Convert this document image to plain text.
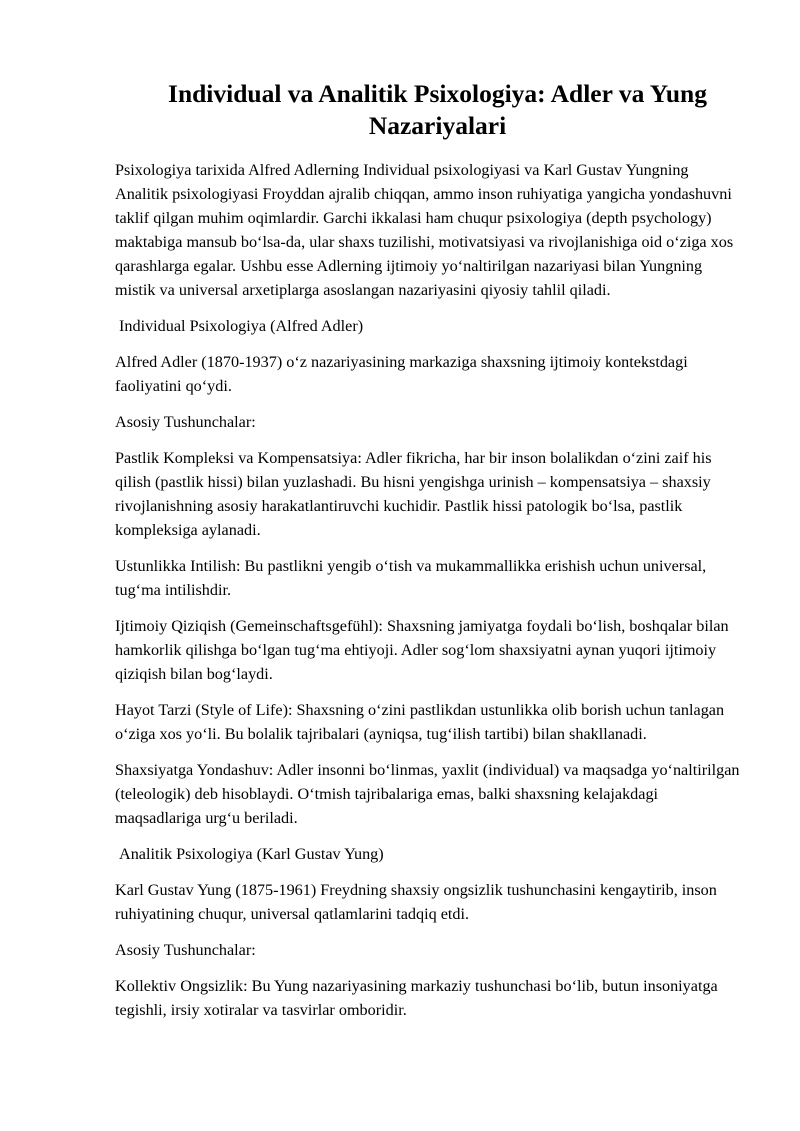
Individual va Analitik Psixologiya: Adler va Yung Nazariyalari

Psixologiya tarixida Alfred Adlerning Individual psixologiyasi va Karl Gustav Yungning Analitik psixologiyasi Froyddan ajralib chiqqan, ammo inson ruhiyatiga yangicha yondashuvni taklif qilgan muhim oqimlardir. Garchi ikkalasi ham chuqur psixologiya (depth psychology) maktabiga mansub bo‘lsa-da, ular shaxs tuzilishi, motivatsiyasi va rivojlanishiga oid o‘ziga xos qarashlarga egalar. Ushbu esse Adlerning ijtimoiy yo‘naltirilgan nazariyasi bilan Yungning mistik va universal arxetiplarga asoslangan nazariyasini qiyosiy tahlil qiladi.

Individual Psixologiya (Alfred Adler)

Alfred Adler (1870-1937) o‘z nazariyasining markaziga shaxsning ijtimoiy kontekstdagi faoliyatini qo‘ydi.

Asosiy Tushunchalar:

Pastlik Kompleksi va Kompensatsiya: Adler fikricha, har bir inson bolalikdan o‘zini zaif his qilish (pastlik hissi) bilan yuzlashadi. Bu hisni yengishga urinish – kompensatsiya – shaxsiy rivojlanishning asosiy harakatlantiruvchi kuchidir. Pastlik hissi patologik bo‘lsa, pastlik kompleksiga aylanadi.

Ustunlikka Intilish: Bu pastlikni yengib o‘tish va mukammallikka erishish uchun universal, tug‘ma intilishdir.

Ijtimoiy Qiziqish (Gemeinschaftsgefühl): Shaxsning jamiyatga foydali bo‘lish, boshqalar bilan hamkorlik qilishga bo‘lgan tug‘ma ehtiyoji. Adler sog‘lom shaxsiyatni aynan yuqori ijtimoiy qiziqish bilan bog‘laydi.

Hayot Tarzi (Style of Life): Shaxsning o‘zini pastlikdan ustunlikka olib borish uchun tanlagan o‘ziga xos yo‘li. Bu bolalik tajribalari (ayniqsa, tug‘ilish tartibi) bilan shakllanadi.

Shaxsiyatga Yondashuv: Adler insonni bo‘linmas, yaxlit (individual) va maqsadga yo‘naltirilgan (teleologik) deb hisoblaydi. O‘tmish tajribalariga emas, balki shaxsning kelajakdagi maqsadlariga urg‘u beriladi.

Analitik Psixologiya (Karl Gustav Yung)

Karl Gustav Yung (1875-1961) Freydning shaxsiy ongsizlik tushunchasini kengaytirib, inson ruhiyatining chuqur, universal qatlamlarini tadqiq etdi.

Asosiy Tushunchalar:

Kollektiv Ongsizlik: Bu Yung nazariyasining markaziy tushunchasi bo‘lib, butun insoniyatga tegishli, irsiy xotiralar va tasvirlar omboridir.
